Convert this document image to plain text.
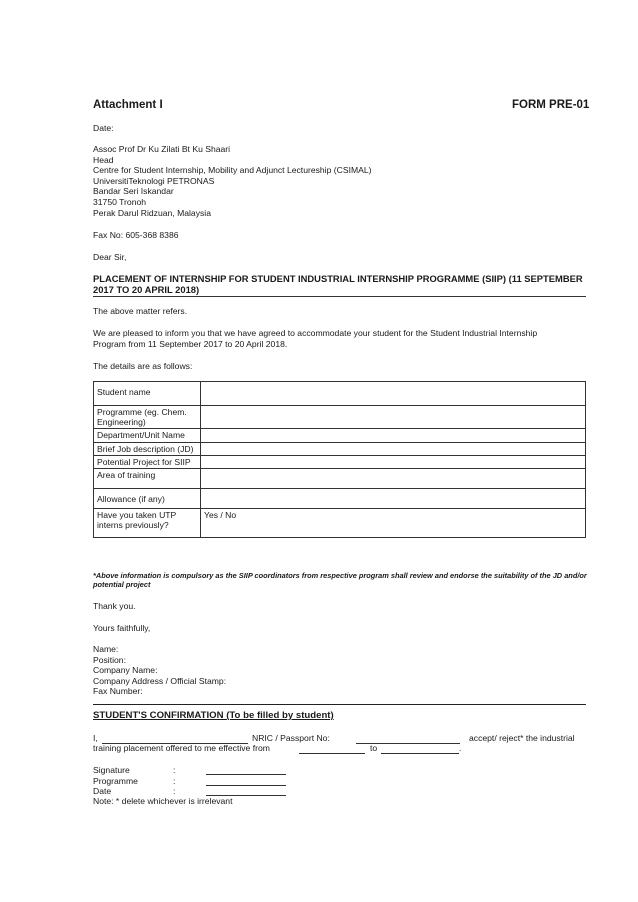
Attachment I	FORM PRE-01
Date:
Assoc Prof Dr Ku Zilati Bt Ku Shaari
Head
Centre for Student Internship, Mobility and Adjunct Lectureship (CSIMAL)
UniversitiTeknologi PETRONAS
Bandar Seri Iskandar
31750 Tronoh
Perak Darul Ridzuan, Malaysia
Fax No: 605-368 8386
Dear Sir,
PLACEMENT OF INTERNSHIP FOR STUDENT INDUSTRIAL INTERNSHIP PROGRAMME (SIIP) (11 SEPTEMBER
2017 TO 20 APRIL 2018)
The above matter refers.
We are pleased to inform you that we have agreed to accommodate your student for the Student Industrial Internship
Program from 11 September 2017 to 20 April 2018.
The details are as follows:
Student name	
Programme (eg. Chem. Engineering)	
Department/Unit Name	
Brief Job description (JD)	
Potential Project for SIIP	
Area of training	
Allowance (if any)	
Have you taken UTP interns previously?	Yes / No
*Above information is compulsory as the SIIP coordinators from respective program shall review and endorse the suitability of the JD and/or
potential project
Thank you.
Yours faithfully,
Name:
Position:
Company Name:
Company Address / Official Stamp:
Fax Number:
STUDENT'S CONFIRMATION (To be filled by student)
I,	NRIC / Passport No:	accept/ reject* the industrial
training placement offered to me effective from	to	.
Signature	:
Programme	:
Date	:
Note: * delete whichever is irrelevant
